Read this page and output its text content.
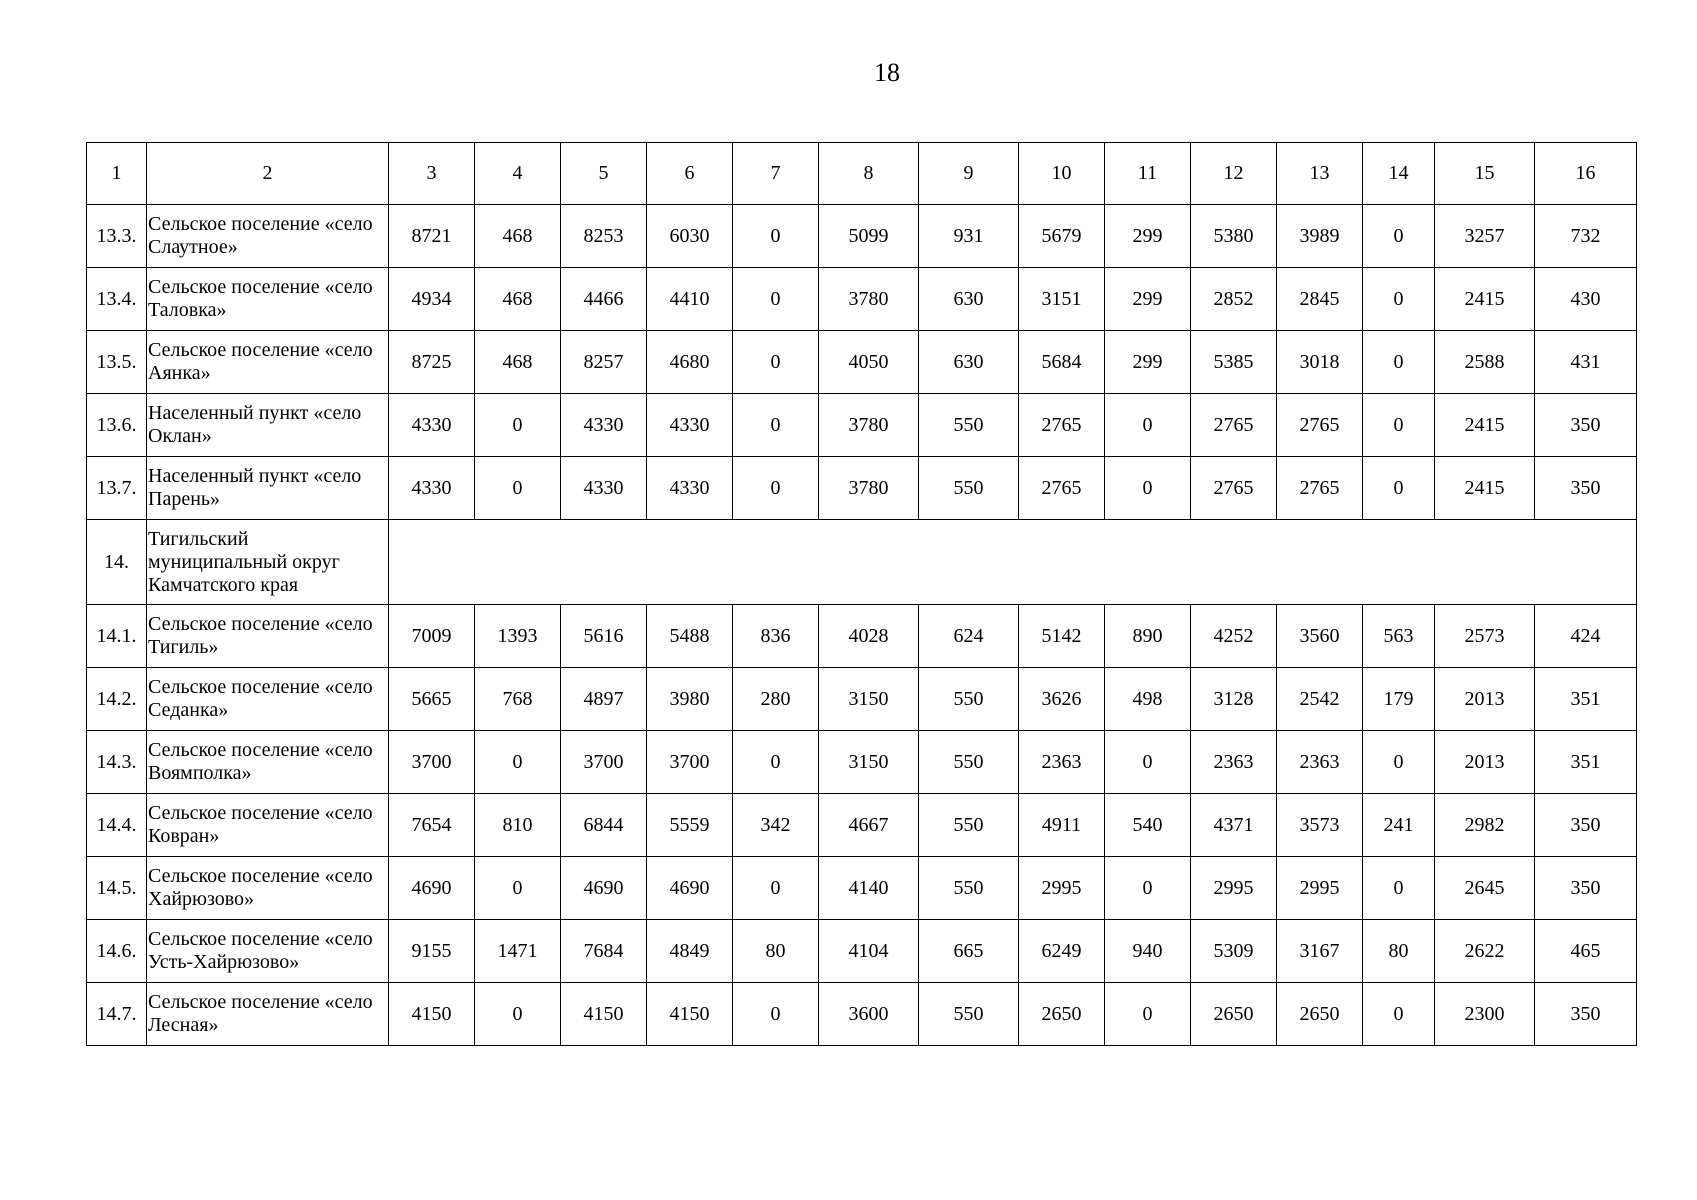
18
1	2	3	4	5	6	7	8	9	10	11	12	13	14	15	16
13.3.	Сельское поселение «село Слаутное»	8721	468	8253	6030	0	5099	931	5679	299	5380	3989	0	3257	732
13.4.	Сельское поселение «село Таловка»	4934	468	4466	4410	0	3780	630	3151	299	2852	2845	0	2415	430
13.5.	Сельское поселение «село Аянка»	8725	468	8257	4680	0	4050	630	5684	299	5385	3018	0	2588	431
13.6.	Населенный пункт «село Оклан»	4330	0	4330	4330	0	3780	550	2765	0	2765	2765	0	2415	350
13.7.	Населенный пункт «село Парень»	4330	0	4330	4330	0	3780	550	2765	0	2765	2765	0	2415	350
14.	Тигильский муниципальный округ Камчатского края														
14.1.	Сельское поселение «село Тигиль»	7009	1393	5616	5488	836	4028	624	5142	890	4252	3560	563	2573	424
14.2.	Сельское поселение «село Седанка»	5665	768	4897	3980	280	3150	550	3626	498	3128	2542	179	2013	351
14.3.	Сельское поселение «село Воямполка»	3700	0	3700	3700	0	3150	550	2363	0	2363	2363	0	2013	351
14.4.	Сельское поселение «село Ковран»	7654	810	6844	5559	342	4667	550	4911	540	4371	3573	241	2982	350
14.5.	Сельское поселение «село Хайрюзово»	4690	0	4690	4690	0	4140	550	2995	0	2995	2995	0	2645	350
14.6.	Сельское поселение «село Усть-Хайрюзово»	9155	1471	7684	4849	80	4104	665	6249	940	5309	3167	80	2622	465
14.7.	Сельское поселение «село Лесная»	4150	0	4150	4150	0	3600	550	2650	0	2650	2650	0	2300	350
